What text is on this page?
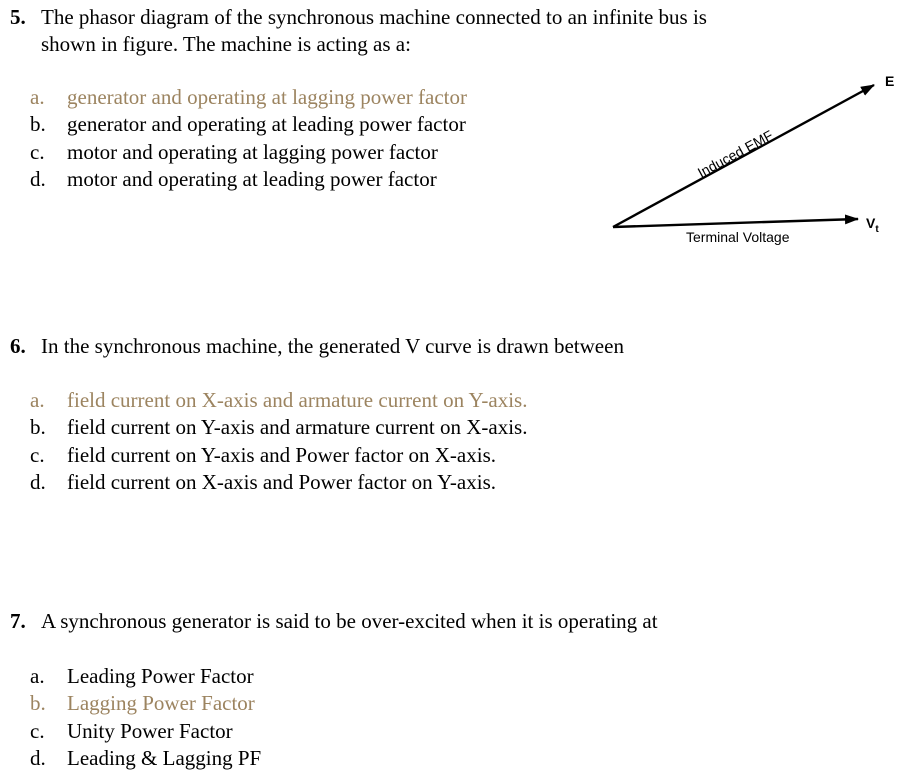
5. The phasor diagram of the synchronous machine connected to an infinite bus is
shown in figure. The machine is acting as a:
a. generator and operating at lagging power factor
b. generator and operating at leading power factor
c. motor and operating at lagging power factor
d. motor and operating at leading power factor	Induced EMF
Terminal Voltage
E
$V_t$
6. In the synchronous machine, the generated V curve is drawn between
a. field current on X-axis and armature current on Y-axis.
b. field current on Y-axis and armature current on X-axis.
c. field current on Y-axis and Power factor on X-axis.
d. field current on X-axis and Power factor on Y-axis.
7. A synchronous generator is said to be over-excited when it is operating at
a. Leading Power Factor
b. Lagging Power Factor
c. Unity Power Factor
d. Leading & Lagging PF
